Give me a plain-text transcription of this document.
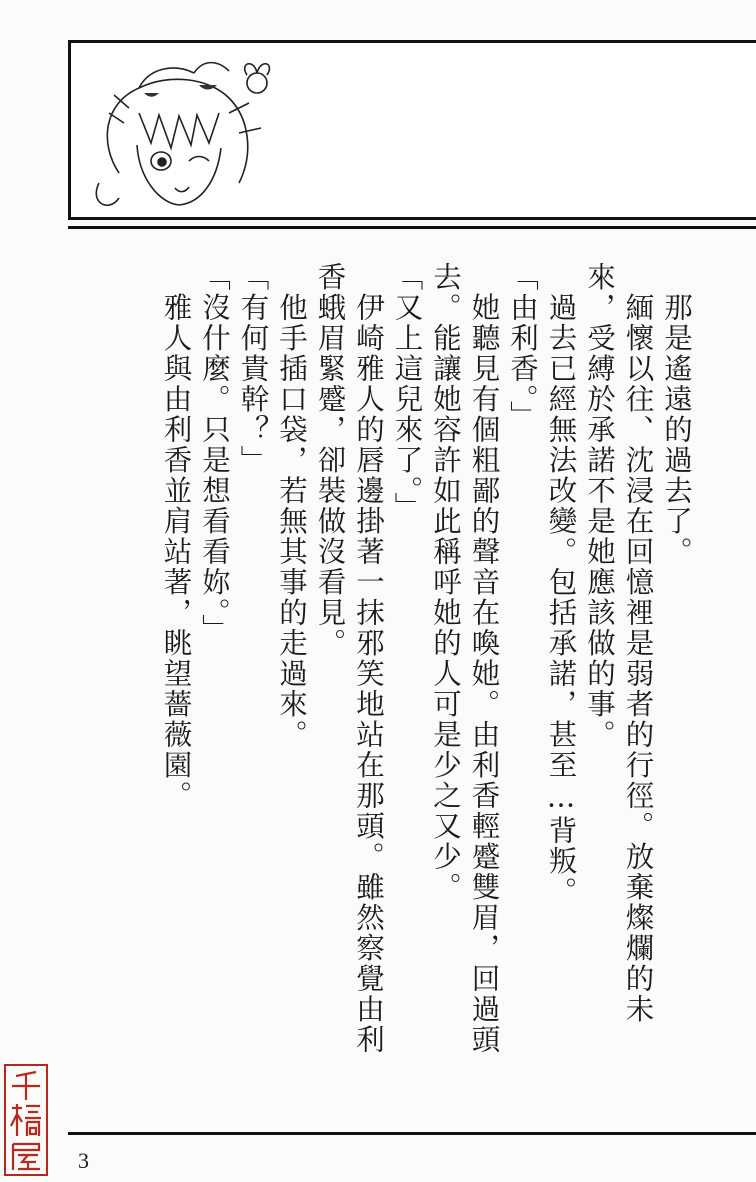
　那是遙遠的過去了。

　緬懷以往、沈浸在回憶裡是弱者的行徑。放棄燦爛的未來，受縛於承諾不是她應該做的事。

　過去已經無法改變。包括承諾，甚至…背叛。

「由利香。」

　她聽見有個粗鄙的聲音在喚她。由利香輕蹙雙眉，回過頭去。能讓她容許如此稱呼她的人可是少之又少。

「又上這兒來了。」

　伊崎雅人的唇邊掛著一抹邪笑地站在那頭。雖然察覺由利香蛾眉緊蹙，卻裝做沒看見。

　他手插口袋，若無其事的走過來。

「有何貴幹？」

「沒什麼。只是想看看妳。」

　雅人與由利香並肩站著，眺望薔薇園。

3
